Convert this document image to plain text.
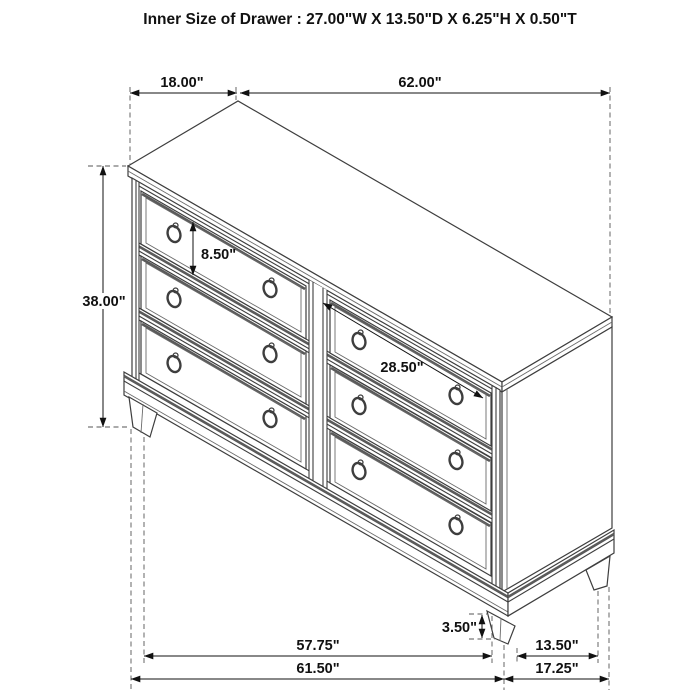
18.00"	62.00"
38.00"
8.50"
28.50"
3.50"
57.75"
61.50"
13.50"
17.25"
Inner Size of Drawer : 27.00"W X 13.50"D X 6.25"H X 0.50"T
